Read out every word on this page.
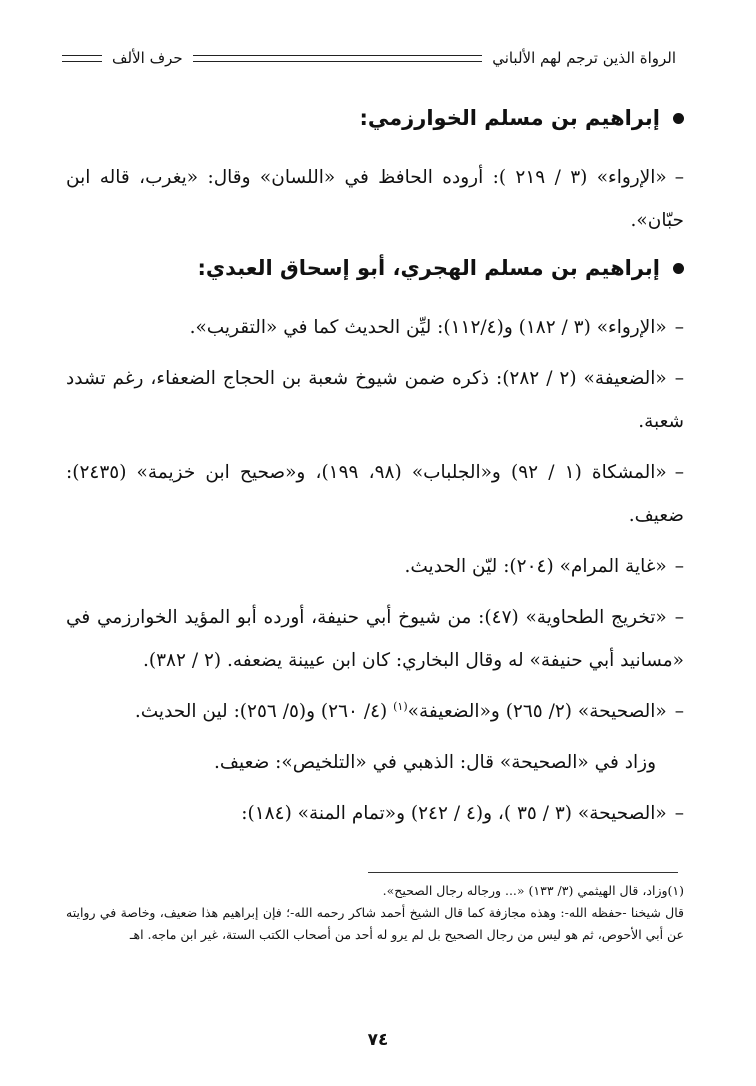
الرواة الذين ترجم لهم الألباني
حرف الألف
إبراهيم بن مسلم الخوارزمي:

–«الإرواء» (٣ / ٢١٩ ): أروده الحافظ في «اللسان» وقال: «يغرب، قاله ابن حبّان».

إبراهيم بن مسلم الهجري، أبو إسحاق العبدي:

–«الإرواء» (٣ / ١٨٢) و(١١٢/٤): ليِّن الحديث كما في «التقريب».

–«الضعيفة» (٢ / ٢٨٢): ذكره ضمن شيوخ شعبة بن الحجاج الضعفاء، رغم تشدد شعبة.

–«المشكاة (١ / ٩٢) و«الجلباب» (٩٨، ١٩٩)، و«صحيح ابن خزيمة» (٢٤٣٥): ضعيف.

–«غاية المرام» (٢٠٤): ليّن الحديث.

–«تخريج الطحاوية» (٤٧): من شيوخ أبي حنيفة، أورده أبو المؤيد الخوارزمي في «مسانيد أبي حنيفة» له وقال البخاري: كان ابن عيينة يضعفه. (٢ / ٣٨٢).

–«الصحيحة» (٢/ ٢٦٥) و«الضعيفة»$^{(١)}$ (٤/ ٢٦٠) و(٥/ ٢٥٦): لين الحديث.

وزاد في «الصحيحة» قال: الذهبي في «التلخيص»: ضعيف.

–«الصحيحة» (٣ / ٣٥ )، و(٤ / ٢٤٢) و«تمام المنة» (١٨٤):

(١)وزاد، قال الهيثمي (٣/ ١٣٣) «... ورجاله رجال الصحيح».

قال شيخنا -حفظه الله-: وهذه مجازفة كما قال الشيخ أحمد شاكر رحمه الله-؛ فإن إبراهيم هذا ضعيف، وخاصة في روايته عن أبي الأحوص، ثم هو ليس من رجال الصحيح بل لم يرو له أحد من أصحاب الكتب الستة، غير ابن ماجه. اهـ

٧٤
